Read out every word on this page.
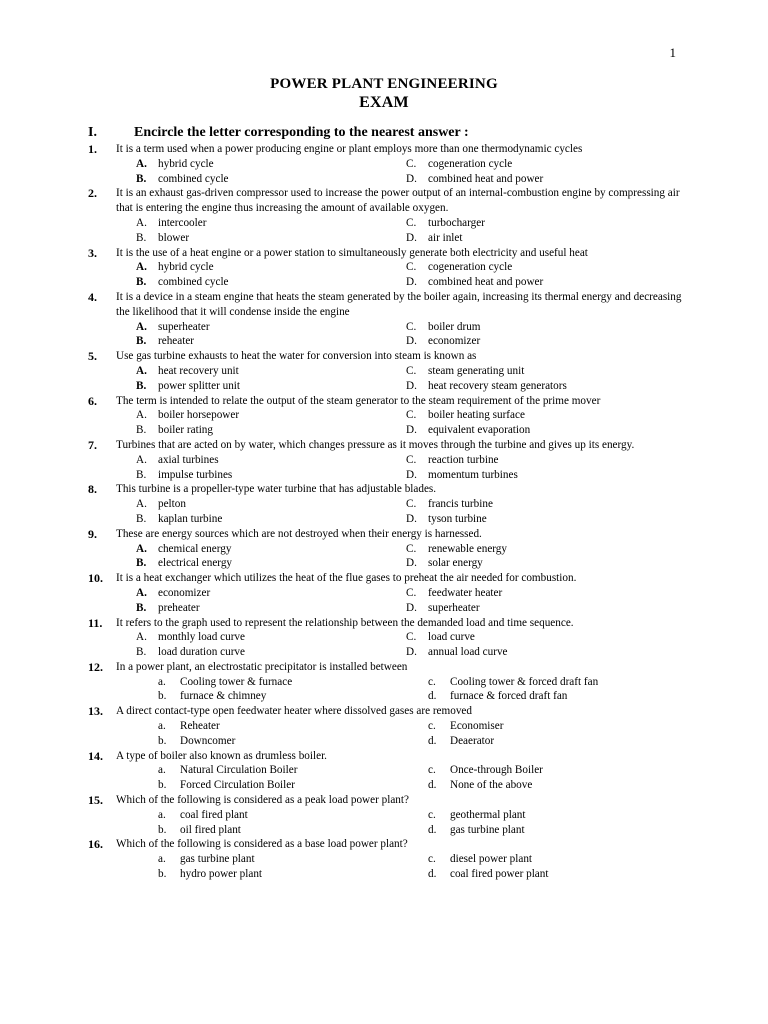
1
POWER PLANT ENGINEERING
EXAM
I.	Encircle the letter corresponding to the nearest answer :
1.	It is a term used when a power producing engine or plant employs more than one thermodynamic cycles
A. hybrid cycle	C. cogeneration cycle
B. combined cycle	D. combined heat and power
2.	It is an exhaust gas-driven compressor used to increase the power output of an internal-combustion engine by compressing air that is entering the engine thus increasing the amount of available oxygen.
A. intercooler	C. turbocharger
B. blower	D. air inlet
3.	It is the use of a heat engine or a power station to simultaneously generate both electricity and useful heat
A. hybrid cycle	C. cogeneration cycle
B. combined cycle	D. combined heat and power
4.	It is a device in a steam engine that heats the steam generated by the boiler again, increasing its thermal energy and decreasing the likelihood that it will condense inside the engine
A. superheater	C. boiler drum
B. reheater	D. economizer
5.	Use gas turbine exhausts to heat the water for conversion into steam is known as
A. heat recovery unit	C. steam generating unit
B. power splitter unit	D. heat recovery steam generators
6.	The term is intended to relate the output of the steam generator to the steam requirement of the prime mover
A. boiler horsepower	C. boiler heating surface
B. boiler rating	D. equivalent evaporation
7.	Turbines that are acted on by water, which changes pressure as it moves through the turbine and gives up its energy.
A. axial turbines	C. reaction turbine
B. impulse turbines	D. momentum turbines
8.	This turbine is a propeller-type water turbine that has adjustable blades.
A. pelton	C. francis turbine
B. kaplan turbine	D. tyson turbine
9.	These are energy sources which are not destroyed when their energy is harnessed.
A. chemical energy	C. renewable energy
B. electrical energy	D. solar energy
10.	It is a heat exchanger which utilizes the heat of the flue gases to preheat the air needed for combustion.
A. economizer	C. feedwater heater
B. preheater	D. superheater
11.	It refers to the graph used to represent the relationship between the demanded load and time sequence.
A. monthly load curve	C. load curve
B. load duration curve	D. annual load curve
12.	In a power plant, an electrostatic precipitator is installed between
a. Cooling tower & furnace	c. Cooling tower & forced draft fan
b. furnace & chimney	d. furnace & forced draft fan
13.	A direct contact-type open feedwater heater where dissolved gases are removed
a. Reheater	c. Economiser
b. Downcomer	d. Deaerator
14.	A type of boiler also known as drumless boiler.
a. Natural Circulation Boiler	c. Once-through Boiler
b. Forced Circulation Boiler	d. None of the above
15.	Which of the following is considered as a peak load power plant?
a. coal fired plant	c. geothermal plant
b. oil fired plant	d. gas turbine plant
16.	Which of the following is considered as a base load power plant?
a. gas turbine plant	c. diesel power plant
b. hydro power plant	d. coal fired power plant
